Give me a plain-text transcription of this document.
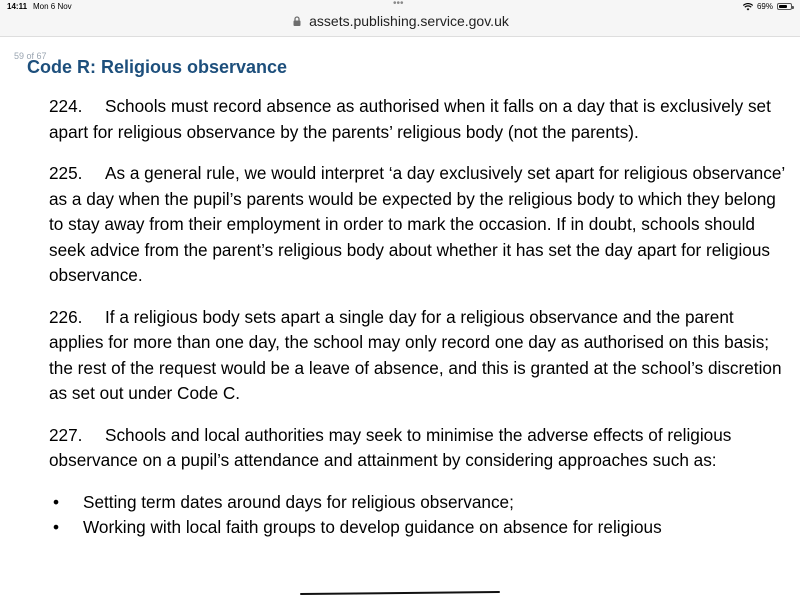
14:11 Mon 6 Nov	•••	69%
assets.publishing.service.gov.uk
59 of 67
Code R: Religious observance

224. Schools must record absence as authorised when it falls on a day that is exclusively set apart for religious observance by the parents’ religious body (not the parents).

225. As a general rule, we would interpret ‘a day exclusively set apart for religious observance’ as a day when the pupil’s parents would be expected by the religious body to which they belong to stay away from their employment in order to mark the occasion. If in doubt, schools should seek advice from the parent’s religious body about whether it has set the day apart for religious observance.

226. If a religious body sets apart a single day for a religious observance and the parent applies for more than one day, the school may only record one day as authorised on this basis; the rest of the request would be a leave of absence, and this is granted at the school’s discretion as set out under Code C.

227. Schools and local authorities may seek to minimise the adverse effects of religious observance on a pupil’s attendance and attainment by considering approaches such as:

• Setting term dates around days for religious observance;
• Working with local faith groups to develop guidance on absence for religious
